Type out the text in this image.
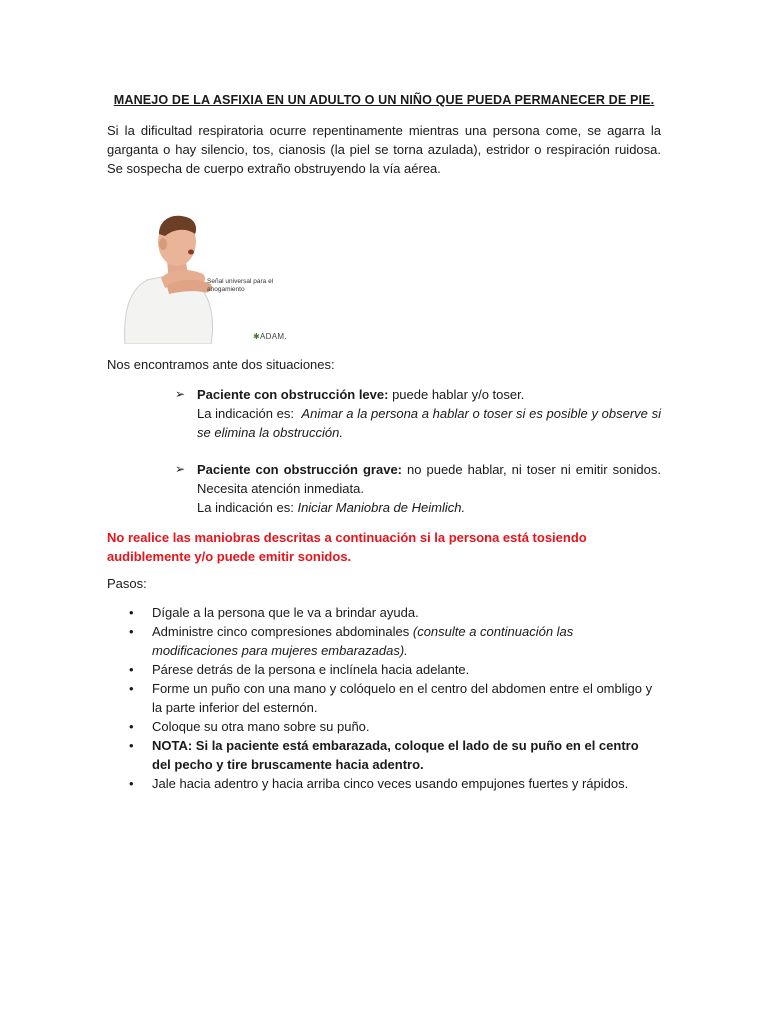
MANEJO DE LA ASFIXIA EN UN ADULTO O UN NIÑO QUE PUEDA PERMANECER DE PIE.
Si la dificultad respiratoria ocurre repentinamente mientras una persona come, se agarra la garganta o hay silencio, tos, cianosis (la piel se torna azulada), estridor o respiración ruidosa. Se sospecha de cuerpo extraño obstruyendo la vía aérea.
Señal universal para el ahogamiento
✱ADAM.
Nos encontramos ante dos situaciones:
➢ Paciente con obstrucción leve: puede hablar y/o toser.
La indicación es:  Animar a la persona a hablar o toser si es posible y observe si se elimina la obstrucción.
➢ Paciente con obstrucción grave: no puede hablar, ni toser ni emitir sonidos. Necesita atención inmediata.
La indicación es: Iniciar Maniobra de Heimlich.
No realice las maniobras descritas a continuación si la persona está tosiendo audiblemente y/o puede emitir sonidos.
Pasos:
• Dígale a la persona que le va a brindar ayuda.
• Administre cinco compresiones abdominales (consulte a continuación las modificaciones para mujeres embarazadas).
• Párese detrás de la persona e inclínela hacia adelante.
• Forme un puño con una mano y colóquelo en el centro del abdomen entre el ombligo y la parte inferior del esternón.
• Coloque su otra mano sobre su puño.
• NOTA: Si la paciente está embarazada, coloque el lado de su puño en el centro del pecho y tire bruscamente hacia adentro.
• Jale hacia adentro y hacia arriba cinco veces usando empujones fuertes y rápidos.
